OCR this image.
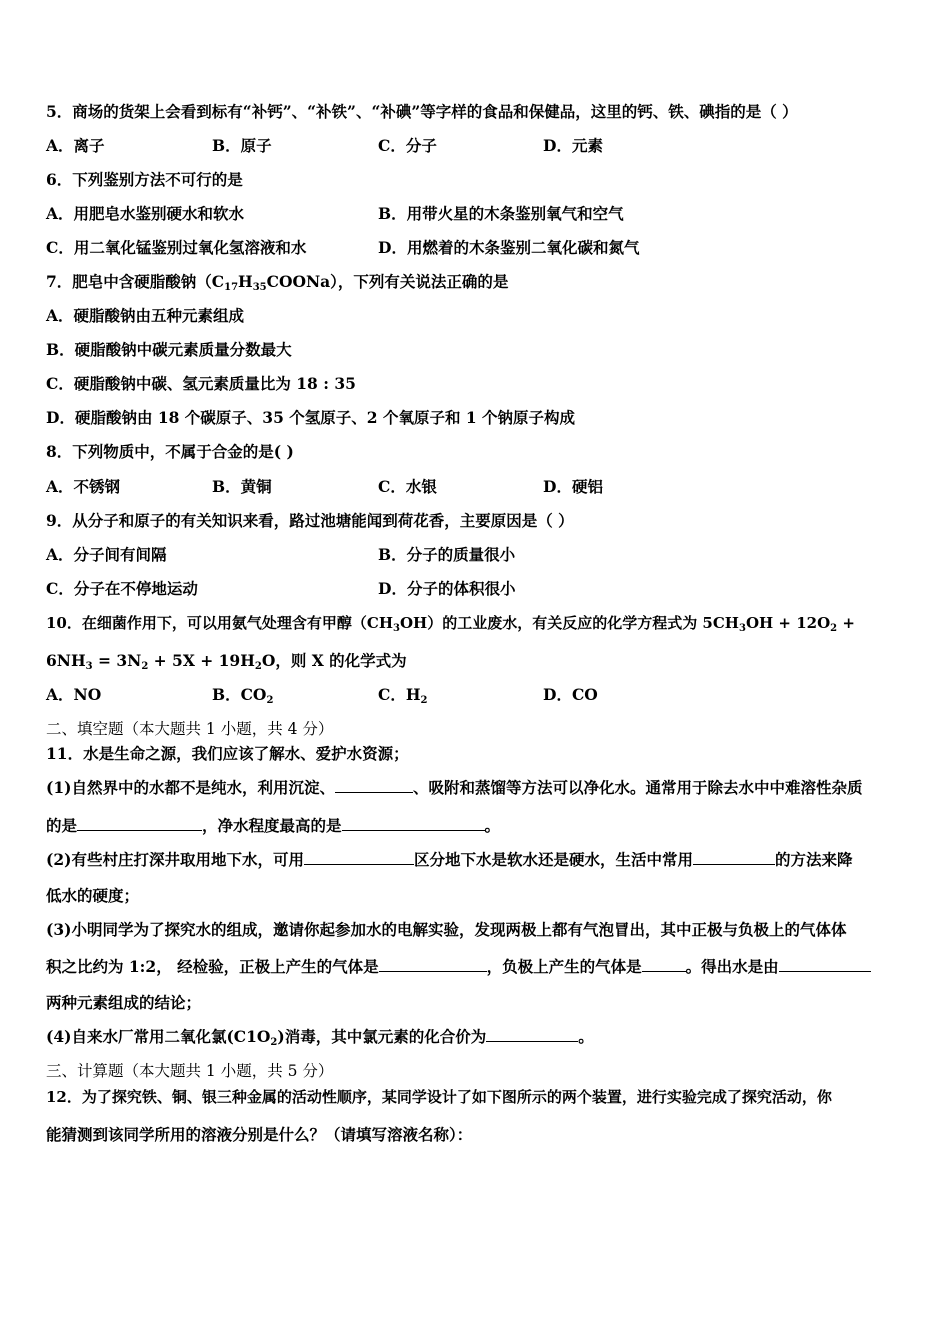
5．商场的货架上会看到标有“补钙”、“补铁”、“补碘”等字样的食品和保健品，这里的钙、铁、碘指的是（ ）
A．离子	B．原子	C．分子	D．元素
6．下列鉴别方法不可行的是
A．用肥皂水鉴别硬水和软水	B．用带火星的木条鉴别氧气和空气
C．用二氧化锰鉴别过氧化氢溶液和水	D．用燃着的木条鉴别二氧化碳和氮气
7．肥皂中含硬脂酸钠$(C_{17}H_{35}COONa)$，下列有关说法正确的是
A．硬脂酸钠由五种元素组成
B．硬脂酸钠中碳元素质量分数最大
C．硬脂酸钠中碳、氢元素质量比为 18 : 35
D．硬脂酸钠由 18 个碳原子、35 个氢原子、2 个氧原子和 1 个钠原子构成
8．下列物质中，不属于合金的是( )
A．不锈钢	B．黄铜	C．水银	D．硬铝
9．从分子和原子的有关知识来看，路过池塘能闻到荷花香，主要原因是（ ）
A．分子间有间隔	B．分子的质量很小
C．分子在不停地运动	D．分子的体积很小
10．在细菌作用下，可以用氨气处理含有甲醇$(CH_3OH)$的工业废水，有关反应的化学方程式为 $5CH_3OH + 12O_2$ +
$6NH_3 = 3N_2 + 5X + 19H_2O$，则 X 的化学式为
A．NO	B．$CO_2$	C．$H_2$	D．CO
二、填空题（本大题共 1 小题，共 4 分）
11．水是生命之源，我们应该了解水、爱护水资源；
(1)自然界中的水都不是纯水，利用沉淀、	、吸附和蒸馏等方法可以净化水。通常用于除去水中中难溶性杂质
的是	，净水程度最高的是	。
(2)有些村庄打深井取用地下水，可用	区分地下水是软水还是硬水，生活中常用	的方法来降
低水的硬度；
(3)小明同学为了探究水的组成，邀请你起参加水的电解实验，发现两极上都有气泡冒出，其中正极与负极上的气体体
积之比约为 1:2， 经检验，正极上产生的气体是	，负极上产生的气体是	。得出水是由
两种元素组成的结论；
(4)自来水厂常用二氧化氯$(C1O_2)$消毒，其中氯元素的化合价为	。
三、计算题（本大题共 1 小题，共 5 分）
12．为了探究铁、铜、银三种金属的活动性顺序，某同学设计了如下图所示的两个装置，进行实验完成了探究活动，你
能猜测到该同学所用的溶液分别是什么？（请填写溶液名称）：
